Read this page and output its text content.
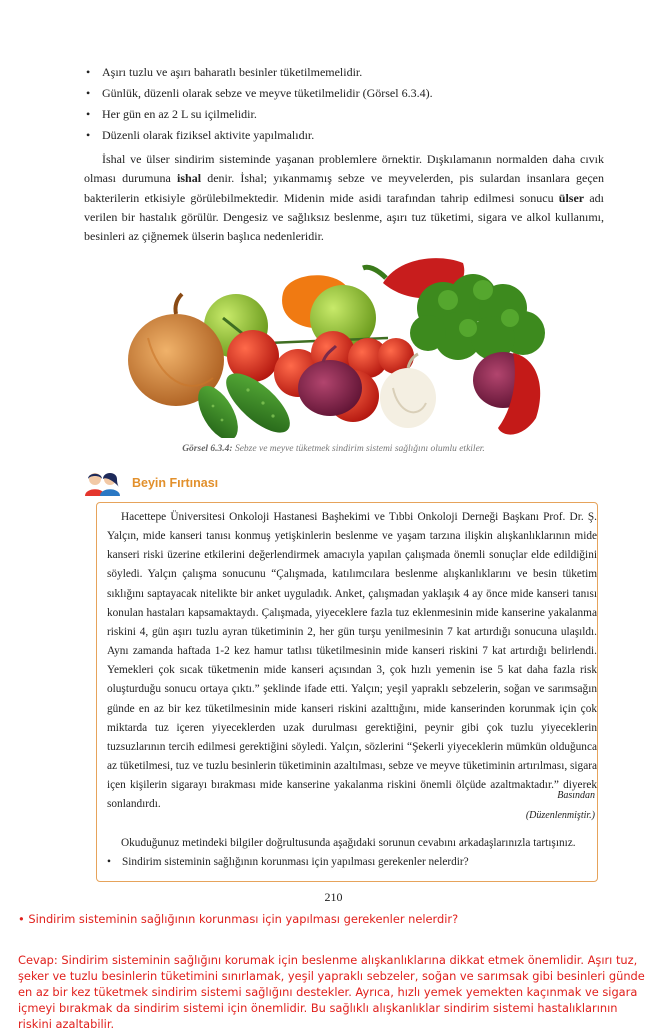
• Aşırı tuzlu ve aşırı baharatlı besinler tüketilmemelidir.
• Günlük, düzenli olarak sebze ve meyve tüketilmelidir (Görsel 6.3.4).
• Her gün en az 2 L su içilmelidir.
• Düzenli olarak fiziksel aktivite yapılmalıdır.

İshal ve ülser sindirim sisteminde yaşanan problemlere örnektir. Dışkılamanın normalden daha cıvık olması durumuna ishal denir. İshal; yıkanmamış sebze ve meyvelerden, pis sulardan insanlara geçen bakterilerin etkisiyle görülebilmektedir. Midenin mide asidi tarafından tahrip edilmesi sonucu ülser adı verilen bir hastalık görülür. Dengesiz ve sağlıksız beslenme, aşırı tuz tüketimi, sigara ve alkol kullanımı, besinleri az çiğnemek ülserin başlıca nedenleridir.

Görsel 6.3.4: Sebze ve meyve tüketmek sindirim sistemi sağlığını olumlu etkiler.
Beyin Fırtınası

Hacettepe Üniversitesi Onkoloji Hastanesi Başhekimi ve Tıbbi Onkoloji Derneği Başkanı Prof. Dr. Ş. Yalçın, mide kanseri tanısı konmuş yetişkinlerin beslenme ve yaşam tarzına ilişkin alışkanlıklarının mide kanseri riski üzerine etkilerini değerlendirmek amacıyla yapılan çalışmada önemli sonuçlar elde edildiğini söyledi. Yalçın çalışma sonucunu “Çalışmada, katılımcılara beslenme alışkanlıklarını ve besin tüketim sıklığını saptayacak nitelikte bir anket uyguladık. Anket, çalışmadan yaklaşık 4 ay önce mide kanseri tanısı konulan hastaları kapsamaktaydı. Çalışmada, yiyeceklere fazla tuz eklenmesinin mide kanserine yakalanma riskini 4, gün aşırı tuzlu ayran tüketiminin 2, her gün turşu yenilmesinin 7 kat artırdığı sonucuna ulaşıldı. Aynı zamanda haftada 1-2 kez hamur tatlısı tüketilmesinin mide kanseri riskini 7 kat artırdığı belirlendi. Yemekleri çok sıcak tüketmenin mide kanseri açısından 3, çok hızlı yemenin ise 5 kat daha fazla risk oluşturduğu sonucu ortaya çıktı.” şeklinde ifade etti. Yalçın; yeşil yapraklı sebzelerin, soğan ve sarımsağın günde en az bir kez tüketilmesinin mide kanseri riskini azalttığını, mide kanserinden korunmak için çok miktarda tuz içeren yiyeceklerden uzak durulması gerektiğini, peynir gibi çok tuzlu yiyeceklerin tuzsuzlarının tercih edilmesi gerektiğini söyledi. Yalçın, sözlerini “Şekerli yiyeceklerin mümkün olduğunca az tüketilmesi, tuz ve tuzlu besinlerin tüketiminin azaltılması, sebze ve meyve tüketiminin artırılması, sigara içen kişilerin sigarayı bırakması mide kanserine yakalanma riskini önemli ölçüde azaltmaktadır.” diyerek sonlandırdı.

Basından
(Düzenlenmiştir.)

Okuduğunuz metindeki bilgiler doğrultusunda aşağıdaki sorunun cevabını arkadaşlarınızla tartışınız.

• Sindirim sisteminin sağlığının korunması için yapılması gerekenler nelerdir?
210

• Sindirim sisteminin sağlığının korunması için yapılması gerekenler nelerdir?

Cevap: Sindirim sisteminin sağlığını korumak için beslenme alışkanlıklarına dikkat etmek önemlidir. Aşırı tuz, şeker ve tuzlu besinlerin tüketimini sınırlamak, yeşil yapraklı sebzeler, soğan ve sarımsak gibi besinleri günde en az bir kez tüketmek sindirim sistemi sağlığını destekler. Ayrıca, hızlı yemek yemekten kaçınmak ve sigara içmeyi bırakmak da sindirim sistemi için önemlidir. Bu sağlıklı alışkanlıklar sindirim sistemi hastalıklarının riskini azaltabilir.
